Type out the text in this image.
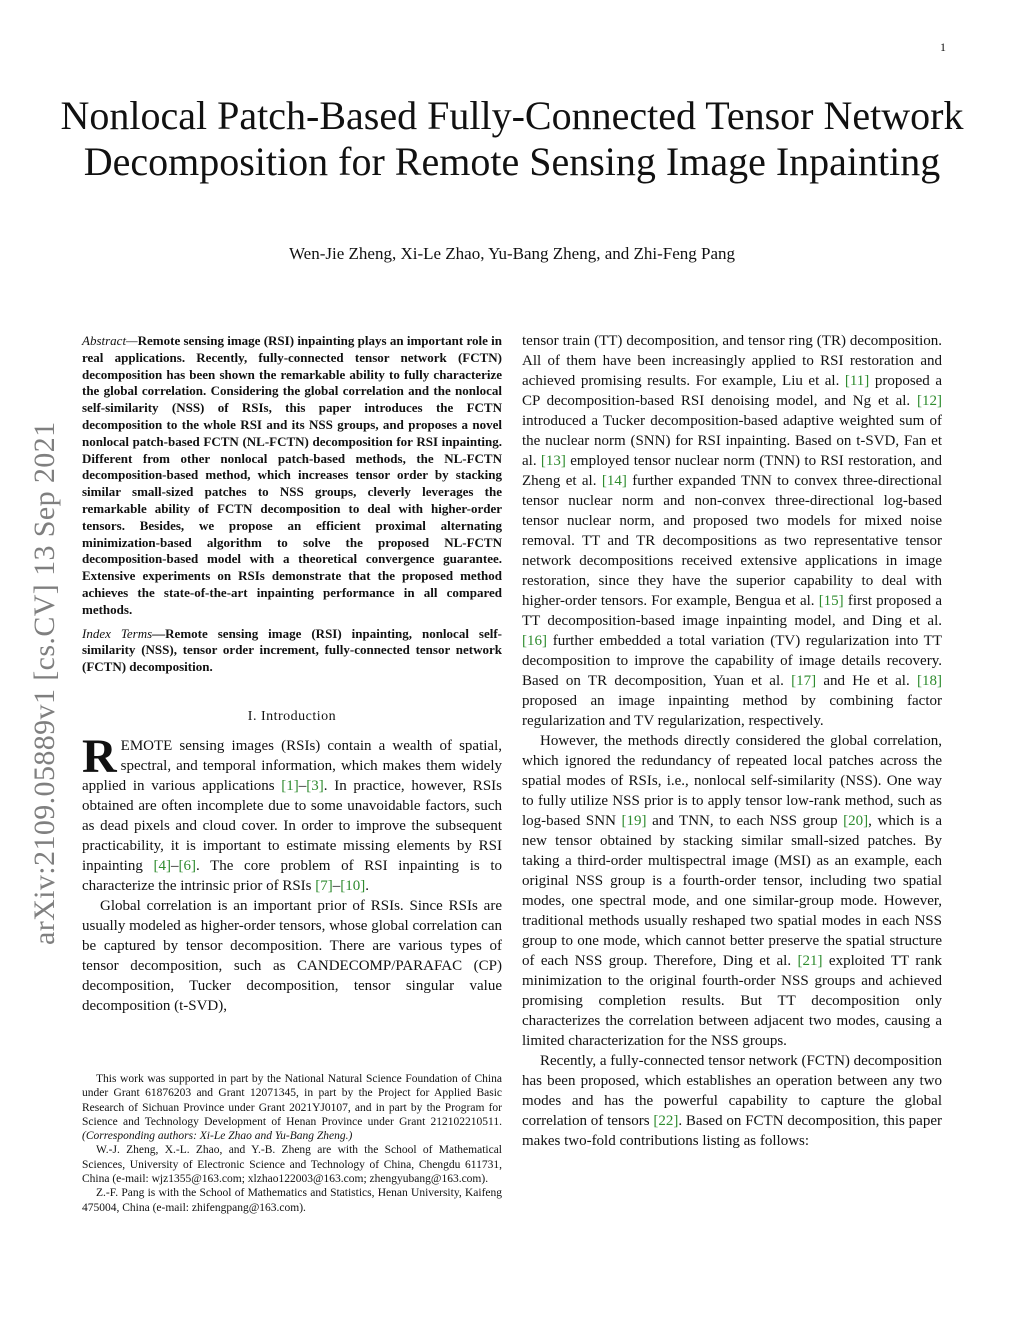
1
Nonlocal Patch-Based Fully-Connected Tensor Network Decomposition for Remote Sensing Image Inpainting
Wen-Jie Zheng, Xi-Le Zhao, Yu-Bang Zheng, and Zhi-Feng Pang
arXiv:2109.05889v1 [cs.CV] 13 Sep 2021

Abstract—Remote sensing image (RSI) inpainting plays an important role in real applications. Recently, fully-connected tensor network (FCTN) decomposition has been shown the remarkable ability to fully characterize the global correlation. Considering the global correlation and the nonlocal self-similarity (NSS) of RSIs, this paper introduces the FCTN decomposition to the whole RSI and its NSS groups, and proposes a novel nonlocal patch-based FCTN (NL-FCTN) decomposition for RSI inpainting. Different from other nonlocal patch-based methods, the NL-FCTN decomposition-based method, which increases tensor order by stacking similar small-sized patches to NSS groups, cleverly leverages the remarkable ability of FCTN decomposition to deal with higher-order tensors. Besides, we propose an efficient proximal alternating minimization-based algorithm to solve the proposed NL-FCTN decomposition-based model with a theoretical convergence guarantee. Extensive experiments on RSIs demonstrate that the proposed method achieves the state-of-the-art inpainting performance in all compared methods.

Index Terms—Remote sensing image (RSI) inpainting, nonlocal self-similarity (NSS), tensor order increment, fully-connected tensor network (FCTN) decomposition.

I. Introduction

REMOTE sensing images (RSIs) contain a wealth of spatial, spectral, and temporal information, which makes them widely applied in various applications [1]–[3]. In practice, however, RSIs obtained are often incomplete due to some unavoidable factors, such as dead pixels and cloud cover. In order to improve the subsequent practicability, it is important to estimate missing elements by RSI inpainting [4]–[6]. The core problem of RSI inpainting is to characterize the intrinsic prior of RSIs [7]–[10].

Global correlation is an important prior of RSIs. Since RSIs are usually modeled as higher-order tensors, whose global correlation can be captured by tensor decomposition. There are various types of tensor decomposition, such as CANDECOMP/PARAFAC (CP) decomposition, Tucker decomposition, tensor singular value decomposition (t-SVD),

tensor train (TT) decomposition, and tensor ring (TR) decomposition. All of them have been increasingly applied to RSI restoration and achieved promising results. For example, Liu et al. [11] proposed a CP decomposition-based RSI denoising model, and Ng et al. [12] introduced a Tucker decomposition-based adaptive weighted sum of the nuclear norm (SNN) for RSI inpainting. Based on t-SVD, Fan et al. [13] employed tensor nuclear norm (TNN) to RSI restoration, and Zheng et al. [14] further expanded TNN to convex three-directional tensor nuclear norm and non-convex three-directional log-based tensor nuclear norm, and proposed two models for mixed noise removal. TT and TR decompositions as two representative tensor network decompositions received extensive applications in image restoration, since they have the superior capability to deal with higher-order tensors. For example, Bengua et al. [15] first proposed a TT decomposition-based image inpainting model, and Ding et al. [16] further embedded a total variation (TV) regularization into TT decomposition to improve the capability of image details recovery. Based on TR decomposition, Yuan et al. [17] and He et al. [18] proposed an image inpainting method by combining factor regularization and TV regularization, respectively.

However, the methods directly considered the global correlation, which ignored the redundancy of repeated local patches across the spatial modes of RSIs, i.e., nonlocal self-similarity (NSS). One way to fully utilize NSS prior is to apply tensor low-rank method, such as log-based SNN [19] and TNN, to each NSS group [20], which is a new tensor obtained by stacking similar small-sized patches. By taking a third-order multispectral image (MSI) as an example, each original NSS group is a fourth-order tensor, including two spatial modes, one spectral mode, and one similar-group mode. However, traditional methods usually reshaped two spatial modes in each NSS group to one mode, which cannot better preserve the spatial structure of each NSS group. Therefore, Ding et al. [21] exploited TT rank minimization to the original fourth-order NSS groups and achieved promising completion results. But TT decomposition only characterizes the correlation between adjacent two modes, causing a limited characterization for the NSS groups.

Recently, a fully-connected tensor network (FCTN) decomposition has been proposed, which establishes an operation between any two modes and has the powerful capability to capture the global correlation of tensors [22]. Based on FCTN decomposition, this paper makes two-fold contributions listing as follows:

This work was supported in part by the National Natural Science Foundation of China under Grant 61876203 and Grant 12071345, in part by the Project for Applied Basic Research of Sichuan Province under Grant 2021YJ0107, and in part by the Program for Science and Technology Development of Henan Province under Grant 212102210511. (Corresponding authors: Xi-Le Zhao and Yu-Bang Zheng.)

W.-J. Zheng, X.-L. Zhao, and Y.-B. Zheng are with the School of Mathematical Sciences, University of Electronic Science and Technology of China, Chengdu 611731, China (e-mail: wjz1355@163.com; xlzhao122003@163.com; zhengyubang@163.com).

Z.-F. Pang is with the School of Mathematics and Statistics, Henan University, Kaifeng 475004, China (e-mail: zhifengpang@163.com).
